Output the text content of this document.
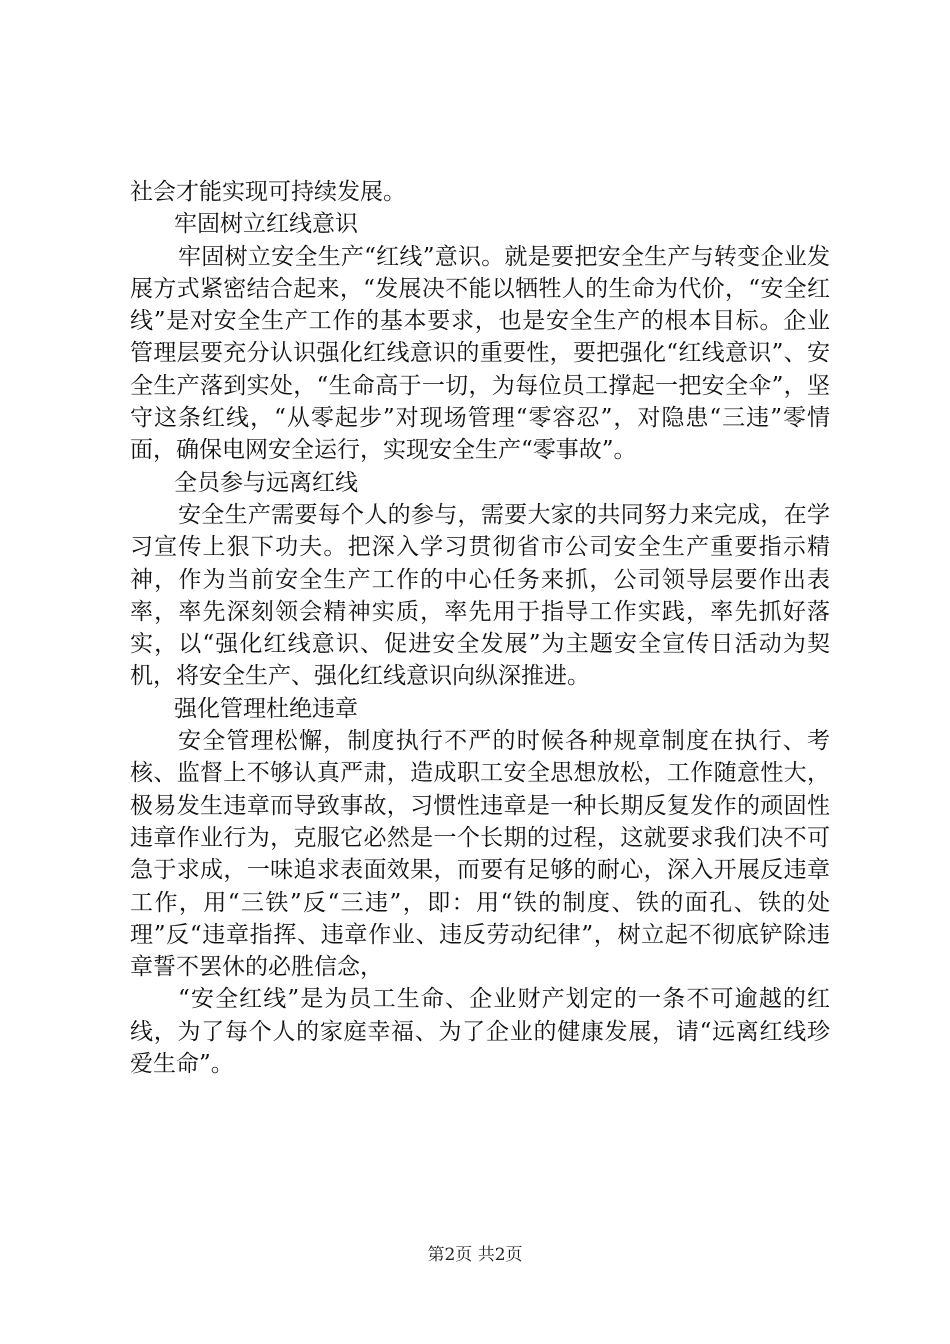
社会才能实现可持续发展。

牢固树立红线意识

牢固树立安全生产“红线”意识。就是要把安全生产与转变企业发展方式紧密结合起来，“发展决不能以牺牲人的生命为代价，“安全红线”是对安全生产工作的基本要求，也是安全生产的根本目标。企业管理层要充分认识强化红线意识的重要性，要把强化“红线意识”、安全生产落到实处，“生命高于一切，为每位员工撑起一把安全伞”，坚守这条红线，“从零起步”对现场管理“零容忍”，对隐患“三违”零情面，确保电网安全运行，实现安全生产“零事故”。

全员参与远离红线

安全生产需要每个人的参与，需要大家的共同努力来完成，在学习宣传上狠下功夫。把深入学习贯彻省市公司安全生产重要指示精神，作为当前安全生产工作的中心任务来抓，公司领导层要作出表率，率先深刻领会精神实质，率先用于指导工作实践，率先抓好落实，以“强化红线意识、促进安全发展”为主题安全宣传日活动为契机，将安全生产、强化红线意识向纵深推进。

强化管理杜绝违章

安全管理松懈，制度执行不严的时候各种规章制度在执行、考核、监督上不够认真严肃，造成职工安全思想放松，工作随意性大，极易发生违章而导致事故，习惯性违章是一种长期反复发作的顽固性违章作业行为，克服它必然是一个长期的过程，这就要求我们决不可急于求成，一味追求表面效果，而要有足够的耐心，深入开展反违章工作，用“三铁”反“三违”，即：用“铁的制度、铁的面孔、铁的处理”反“违章指挥、违章作业、违反劳动纪律”，树立起不彻底铲除违章誓不罢休的必胜信念，

“安全红线”是为员工生命、企业财产划定的一条不可逾越的红线，为了每个人的家庭幸福、为了企业的健康发展，请“远离红线珍爱生命”。

第2页 共2页
